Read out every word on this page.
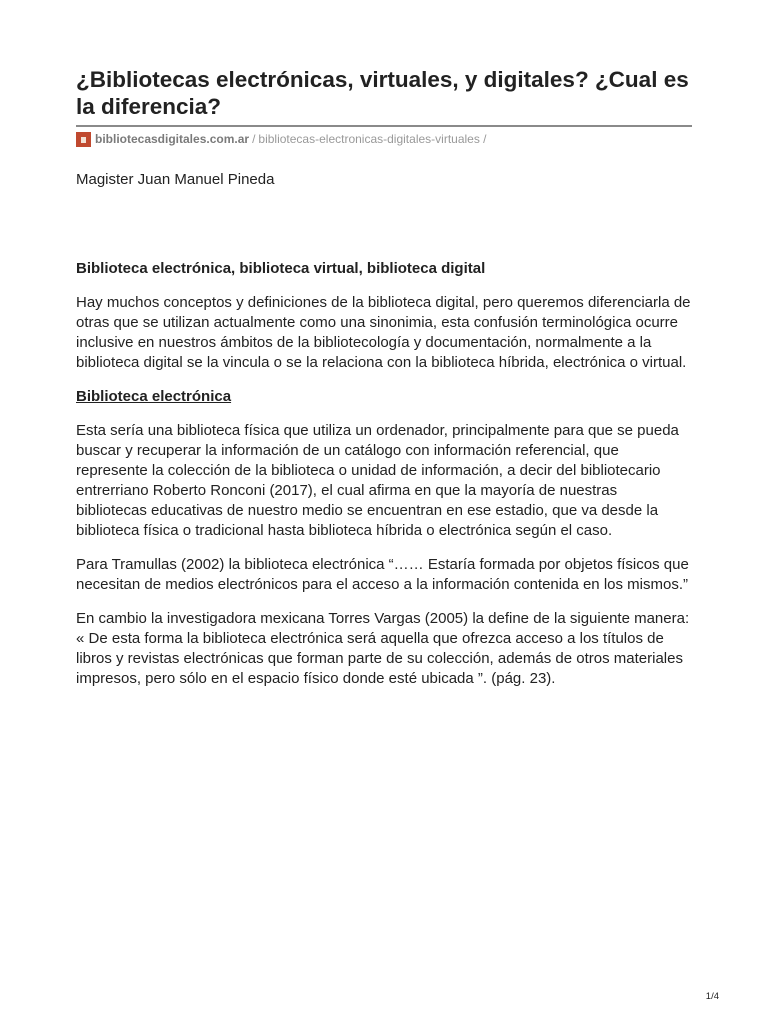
¿Bibliotecas electrónicas, virtuales, y digitales? ¿Cual es la diferencia?
bibliotecasdigitales.com.ar / bibliotecas-electronicas-digitales-virtuales /

Magister Juan Manuel Pineda

Biblioteca electrónica, biblioteca virtual, biblioteca digital

Hay muchos conceptos y definiciones de la biblioteca digital, pero queremos diferenciarla de otras que se utilizan actualmente como una sinonimia, esta confusión terminológica ocurre inclusive en nuestros ámbitos de la bibliotecología y documentación, normalmente a la biblioteca digital se la vincula o se la relaciona con la biblioteca híbrida, electrónica o virtual.

Biblioteca electrónica

Esta sería una biblioteca física que utiliza un ordenador, principalmente para que se pueda buscar y recuperar la información de un catálogo con información referencial, que represente la colección de la biblioteca o unidad de información, a decir del bibliotecario entrerriano Roberto Ronconi (2017), el cual afirma en que la mayoría de nuestras bibliotecas educativas de nuestro medio se encuentran en ese estadio, que va desde la biblioteca física o tradicional hasta biblioteca híbrida o electrónica según el caso.

Para Tramullas (2002) la biblioteca electrónica “…… Estaría formada por objetos físicos que necesitan de medios electrónicos para el acceso a la información contenida en los mismos.”

En cambio la investigadora mexicana Torres Vargas (2005) la define de la siguiente manera: « De esta forma la biblioteca electrónica será aquella que ofrezca acceso a los títulos de libros y revistas electrónicas que forman parte de su colección, además de otros materiales impresos, pero sólo en el espacio físico donde esté ubicada ”. (pág. 23).

1/4
